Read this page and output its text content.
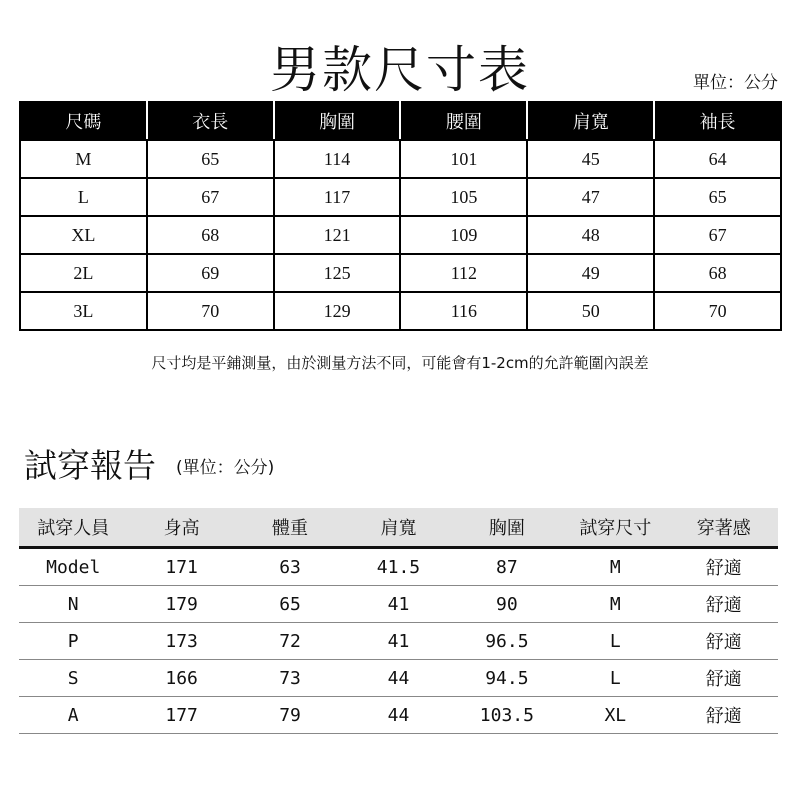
男款尺寸表	單位：公分
尺碼	衣長	胸圍	腰圍	肩寬	袖長
M	65	114	101	45	64
L	67	117	105	47	65
XL	68	121	109	48	67
2L	69	125	112	49	68
3L	70	129	116	50	70
尺寸均是平鋪測量，由於測量方法不同，可能會有1-2cm的允許範圍內誤差
試穿報告 (單位：公分)
試穿人員	身高	體重	肩寬	胸圍	試穿尺寸	穿著感
Model	171	63	41.5	87	M	舒適
N	179	65	41	90	M	舒適
P	173	72	41	96.5	L	舒適
S	166	73	44	94.5	L	舒適
A	177	79	44	103.5	XL	舒適
